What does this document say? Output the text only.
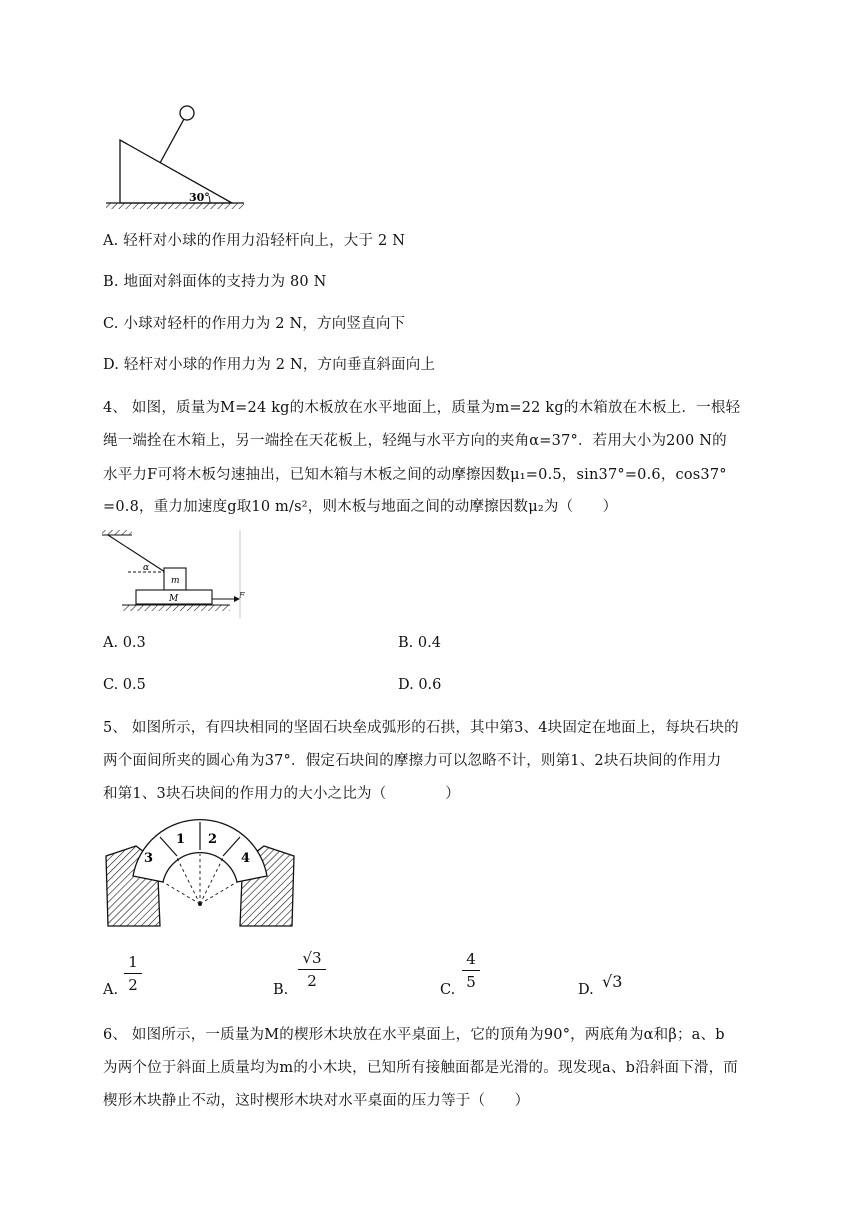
30°
A. 轻杆对小球的作用力沿轻杆向上，大于 2 N
B. 地面对斜面体的支持力为 80 N
C. 小球对轻杆的作用力为 2 N，方向竖直向下
D. 轻杆对小球的作用力为 2 N，方向垂直斜面向上
4、 如图，质量为M=24 kg的木板放在水平地面上，质量为m=22 kg的木箱放在木板上．一根轻
绳一端拴在木箱上，另一端拴在天花板上，轻绳与水平方向的夹角α=37°．若用大小为200 N的
水平力F可将木板匀速抽出，已知木箱与木板之间的动摩擦因数μ₁=0.5，sin37°=0.6，cos37°
=0.8，重力加速度g取10 m/s²，则木板与地面之间的动摩擦因数μ₂为（　　）
α
m
M	F
A. 0.3	B. 0.4
C. 0.5	D. 0.6
5、 如图所示，有四块相同的坚固石块垒成弧形的石拱，其中第3、4块固定在地面上，每块石块的
两个面间所夹的圆心角为37°．假定石块间的摩擦力可以忽略不计，则第1、2块石块间的作用力
和第1、3块石块间的作用力的大小之比为（　　　　）
3
1 2
4
A.
1
2	B.
√3
2	C.
4
5	D. √3
6、 如图所示，一质量为M的楔形木块放在水平桌面上，它的顶角为90°，两底角为α和β；a、b
为两个位于斜面上质量均为m的小木块，已知所有接触面都是光滑的。现发现a、b沿斜面下滑，而
楔形木块静止不动，这时楔形木块对水平桌面的压力等于（　　）
